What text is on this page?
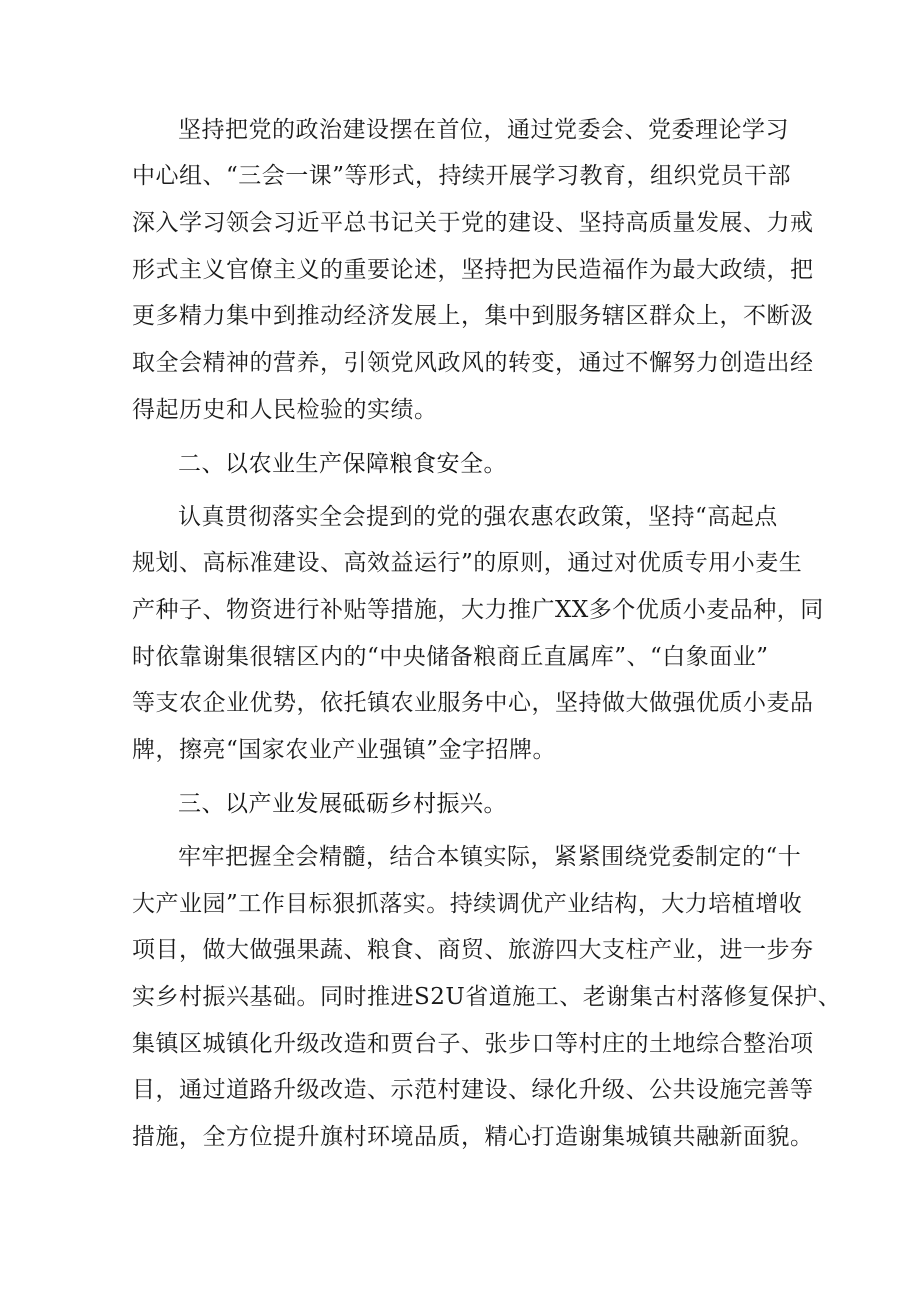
坚持把党的政治建设摆在首位，通过党委会、党委理论学习
中心组、“三会一课”等形式，持续开展学习教育，组织党员干部
深入学习领会习近平总书记关于党的建设、坚持高质量发展、力戒
形式主义官僚主义的重要论述，坚持把为民造福作为最大政绩，把
更多精力集中到推动经济发展上，集中到服务辖区群众上，不断汲
取全会精神的营养，引领党风政风的转变，通过不懈努力创造出经
得起历史和人民检验的实绩。
二、以农业生产保障粮食安全。
认真贯彻落实全会提到的党的强农惠农政策，坚持“高起点
规划、高标准建设、高效益运行”的原则，通过对优质专用小麦生
产种子、物资进行补贴等措施，大力推广XX多个优质小麦品种，同
时依靠谢集很辖区内的“中央储备粮商丘直属库”、“白象面业”
等支农企业优势，依托镇农业服务中心，坚持做大做强优质小麦品
牌，擦亮“国家农业产业强镇”金字招牌。
三、以产业发展砥砺乡村振兴。
牢牢把握全会精髓，结合本镇实际，紧紧围绕党委制定的“十
大产业园”工作目标狠抓落实。持续调优产业结构，大力培植增收
项目，做大做强果蔬、粮食、商贸、旅游四大支柱产业，进一步夯
实乡村振兴基础。同时推进S2U省道施工、老谢集古村落修复保护、
集镇区城镇化升级改造和贾台子、张步口等村庄的土地综合整治项
目，通过道路升级改造、示范村建设、绿化升级、公共设施完善等
措施，全方位提升旗村环境品质，精心打造谢集城镇共融新面貌。
